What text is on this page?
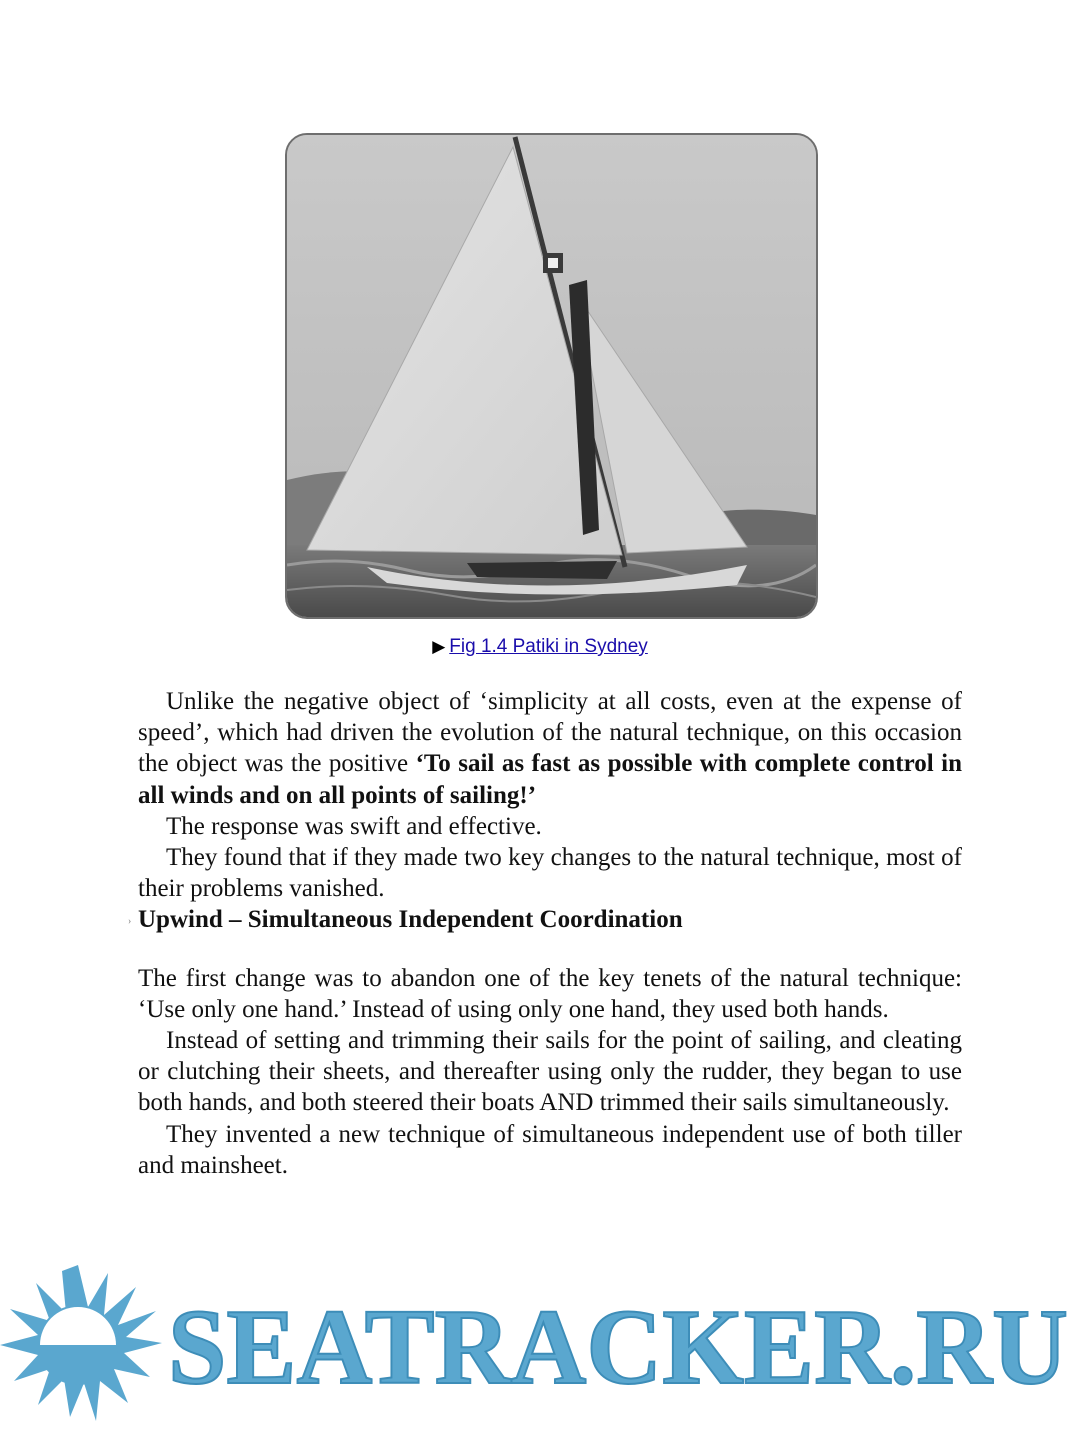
▶ Fig 1.4 Patiki in Sydney

Unlike the negative object of ‘simplicity at all costs, even at the expense of speed’, which had driven the evolution of the natural technique, on this occasion the object was the positive ‘To sail as fast as possible with complete control in all winds and on all points of sailing!’

The response was swift and effective.

They found that if they made two key changes to the natural technique, most of their problems vanished.

› Upwind – Simultaneous Independent Coordination

The first change was to abandon one of the key tenets of the natural technique: ‘Use only one hand.’ Instead of using only one hand, they used both hands.

Instead of setting and trimming their sails for the point of sailing, and cleating or clutching their sheets, and thereafter using only the rudder, they began to use both hands, and both steered their boats AND trimmed their sails simultaneously.

They invented a new technique of simultaneous independent use of both tiller and mainsheet.

SEATRACKER.RU
